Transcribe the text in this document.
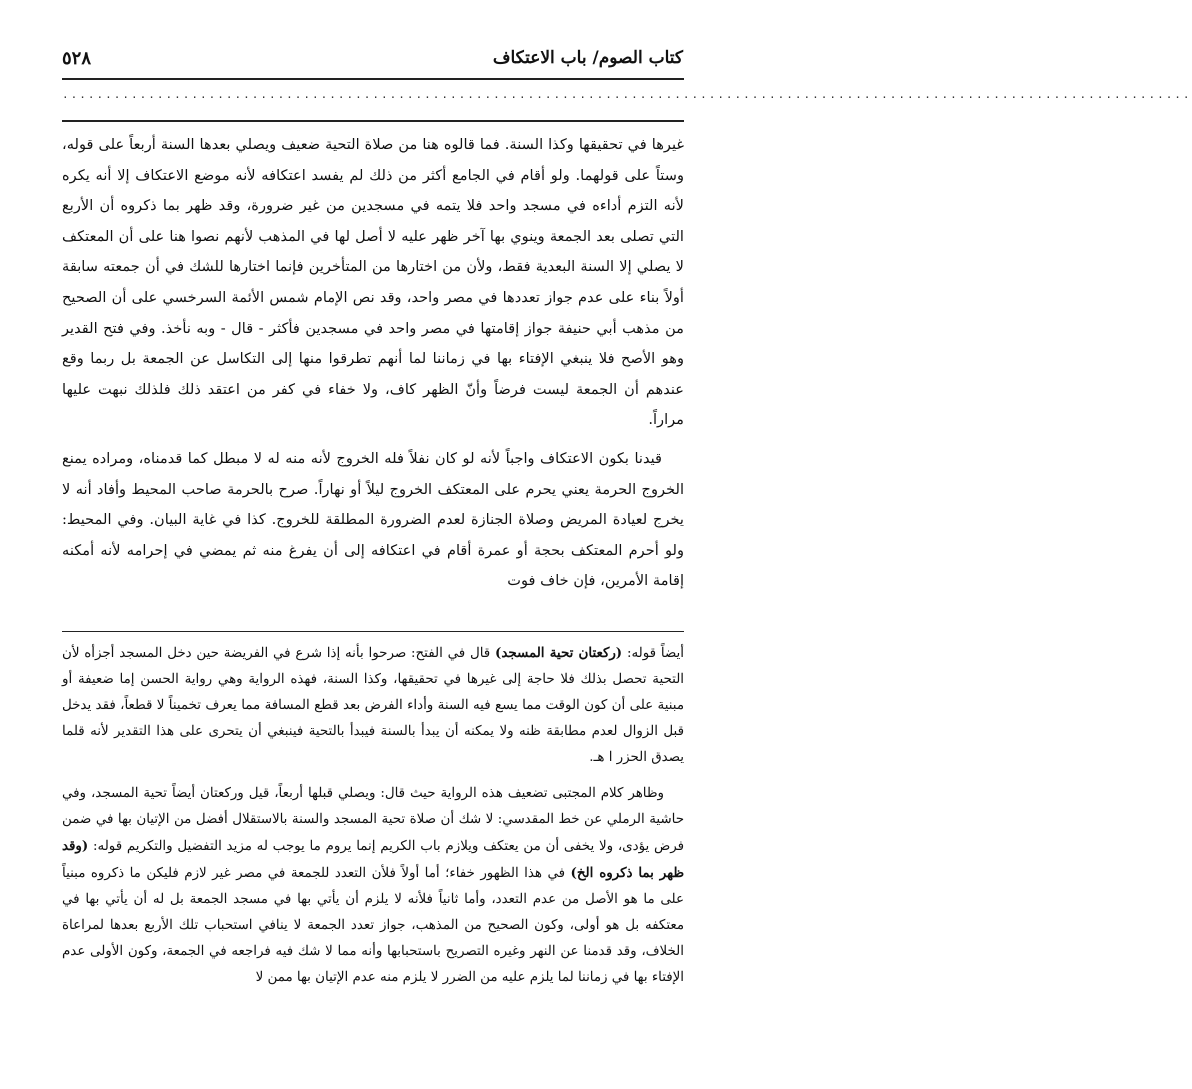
كتاب الصوم/ باب الاعتكاف
٥٢٨
...................................................................................................................................

غيرها في تحقيقها وكذا السنة. فما قالوه هنا من صلاة التحية ضعيف ويصلي بعدها السنة أربعاً على قوله، وستاً على قولهما. ولو أقام في الجامع أكثر من ذلك لم يفسد اعتكافه لأنه موضع الاعتكاف إلا أنه يكره لأنه التزم أداءه في مسجد واحد فلا يتمه في مسجدين من غير ضرورة، وقد ظهر بما ذكروه أن الأربع التي تصلى بعد الجمعة وينوي بها آخر ظهر عليه لا أصل لها في المذهب لأنهم نصوا هنا على أن المعتكف لا يصلي إلا السنة البعدية فقط، ولأن من اختارها من المتأخرين فإنما اختارها للشك في أن جمعته سابقة أولاً بناء على عدم جواز تعددها في مصر واحد، وقد نص الإمام شمس الأئمة السرخسي على أن الصحيح من مذهب أبي حنيفة جواز إقامتها في مصر واحد في مسجدين فأكثر - قال - وبه نأخذ. وفي فتح القدير وهو الأصح فلا ينبغي الإفتاء بها في زماننا لما أنهم تطرقوا منها إلى التكاسل عن الجمعة بل ربما وقع عندهم أن الجمعة ليست فرضاً وأنّ الظهر كاف، ولا خفاء في كفر من اعتقد ذلك فلذلك نبهت عليها مراراً.

قيدنا بكون الاعتكاف واجباً لأنه لو كان نفلاً فله الخروج لأنه منه له لا مبطل كما قدمناه، ومراده يمنع الخروج الحرمة يعني يحرم على المعتكف الخروج ليلاً أو نهاراً. صرح بالحرمة صاحب المحيط وأفاد أنه لا يخرج لعيادة المريض وصلاة الجنازة لعدم الضرورة المطلقة للخروج. كذا في غاية البيان. وفي المحيط: ولو أحرم المعتكف بحجة أو عمرة أقام في اعتكافه إلى أن يفرغ منه ثم يمضي في إحرامه لأنه أمكنه إقامة الأمرين، فإن خاف فوت

أيضاً قوله: (ركعتان تحية المسجد) قال في الفتح: صرحوا بأنه إذا شرع في الفريضة حين دخل المسجد أجزأه لأن التحية تحصل بذلك فلا حاجة إلى غيرها في تحقيقها، وكذا السنة، فهذه الرواية وهي رواية الحسن إما ضعيفة أو مبنية على أن كون الوقت مما يسع فيه السنة وأداء الفرض بعد قطع المسافة مما يعرف تخميناً لا قطعاً، فقد يدخل قبل الزوال لعدم مطابقة ظنه ولا يمكنه أن يبدأ بالسنة فيبدأ بالتحية فينبغي أن يتحرى على هذا التقدير لأنه قلما يصدق الحزر ا هـ.

وظاهر كلام المجتبى تضعيف هذه الرواية حيث قال: ويصلي قبلها أربعاً، قيل وركعتان أيضاً تحية المسجد، وفي حاشية الرملي عن خط المقدسي: لا شك أن صلاة تحية المسجد والسنة بالاستقلال أفضل من الإتيان بها في ضمن فرض يؤدى، ولا يخفى أن من يعتكف ويلازم باب الكريم إنما يروم ما يوجب له مزيد التفضيل والتكريم قوله: (وقد ظهر بما ذكروه الخ) في هذا الظهور خفاء؛ أما أولاً فلأن التعدد للجمعة في مصر غير لازم فليكن ما ذكروه مبنياً على ما هو الأصل من عدم التعدد، وأما ثانياً فلأنه لا يلزم أن يأتي بها في مسجد الجمعة بل له أن يأتي بها في معتكفه بل هو أولى، وكون الصحيح من المذهب، جواز تعدد الجمعة لا ينافي استحباب تلك الأربع بعدها لمراعاة الخلاف، وقد قدمنا عن النهر وغيره التصريح باستحبابها وأنه مما لا شك فيه فراجعه في الجمعة، وكون الأولى عدم الإفتاء بها في زماننا لما يلزم عليه من الضرر لا يلزم منه عدم الإتيان بها ممن لا
